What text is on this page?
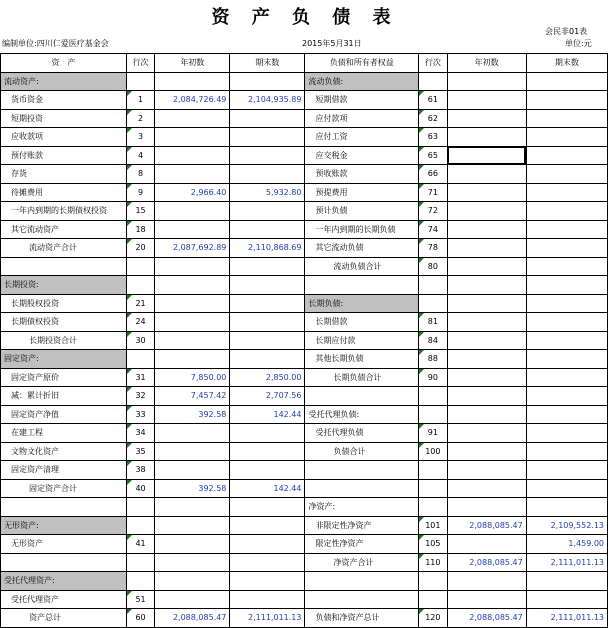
资 产 负 债 表
会民非01表
单位:元
编制单位:四川仁爱医疗基金会	2015年5月31日
资　产	行次	年初数	期末数	负债和所有者权益	行次	年初数	期末数
流动资产:				流动负债:			
货币资金	1	2,084,726.49	2,104,935.89	短期借款	61		
短期投资	2			应付款项	62		
应收款项	3			应付工资	63		
预付账款	4			应交税金	65	

存货	8			预收账款	66		
待摊费用	9	2,966.40	5,932.80	预提费用	71		
一年内到期的长期债权投资	15			预计负债	72		
其它流动资产	18			一年内到期的长期负债	74		
流动资产合计	20	2,087,692.89	2,110,868.69	其它流动负债	78		
				流动负债合计	80		
长期投资:							
长期股权投资	21			长期负债:			
长期债权投资	24			长期借款	81		
长期投资合计	30			长期应付款	84		
固定资产:				其他长期负债	88		
固定资产原价	31	7,850.00	2,850.00	长期负债合计	90		
减：累计折旧	32	7,457.42	2,707.56				
固定资产净值	33	392.58	142.44	受托代理负债:			
在建工程	34			受托代理负债	91		
文物文化资产	35			负债合计	100		
固定资产清理	38						
固定资产合计	40	392.58	142.44				
				净资产:			
无形资产:				非限定性净资产	101	2,088,085.47	2,109,552.13
无形资产	41			限定性净资产	105		1,459.00
				净资产合计	110	2,088,085.47	2,111,011.13
受托代理资产:							
受托代理资产	51						
资产总计	60	2,088,085.47	2,111,011.13	负债和净资产总计	120	2,088,085.47	2,111,011.13
